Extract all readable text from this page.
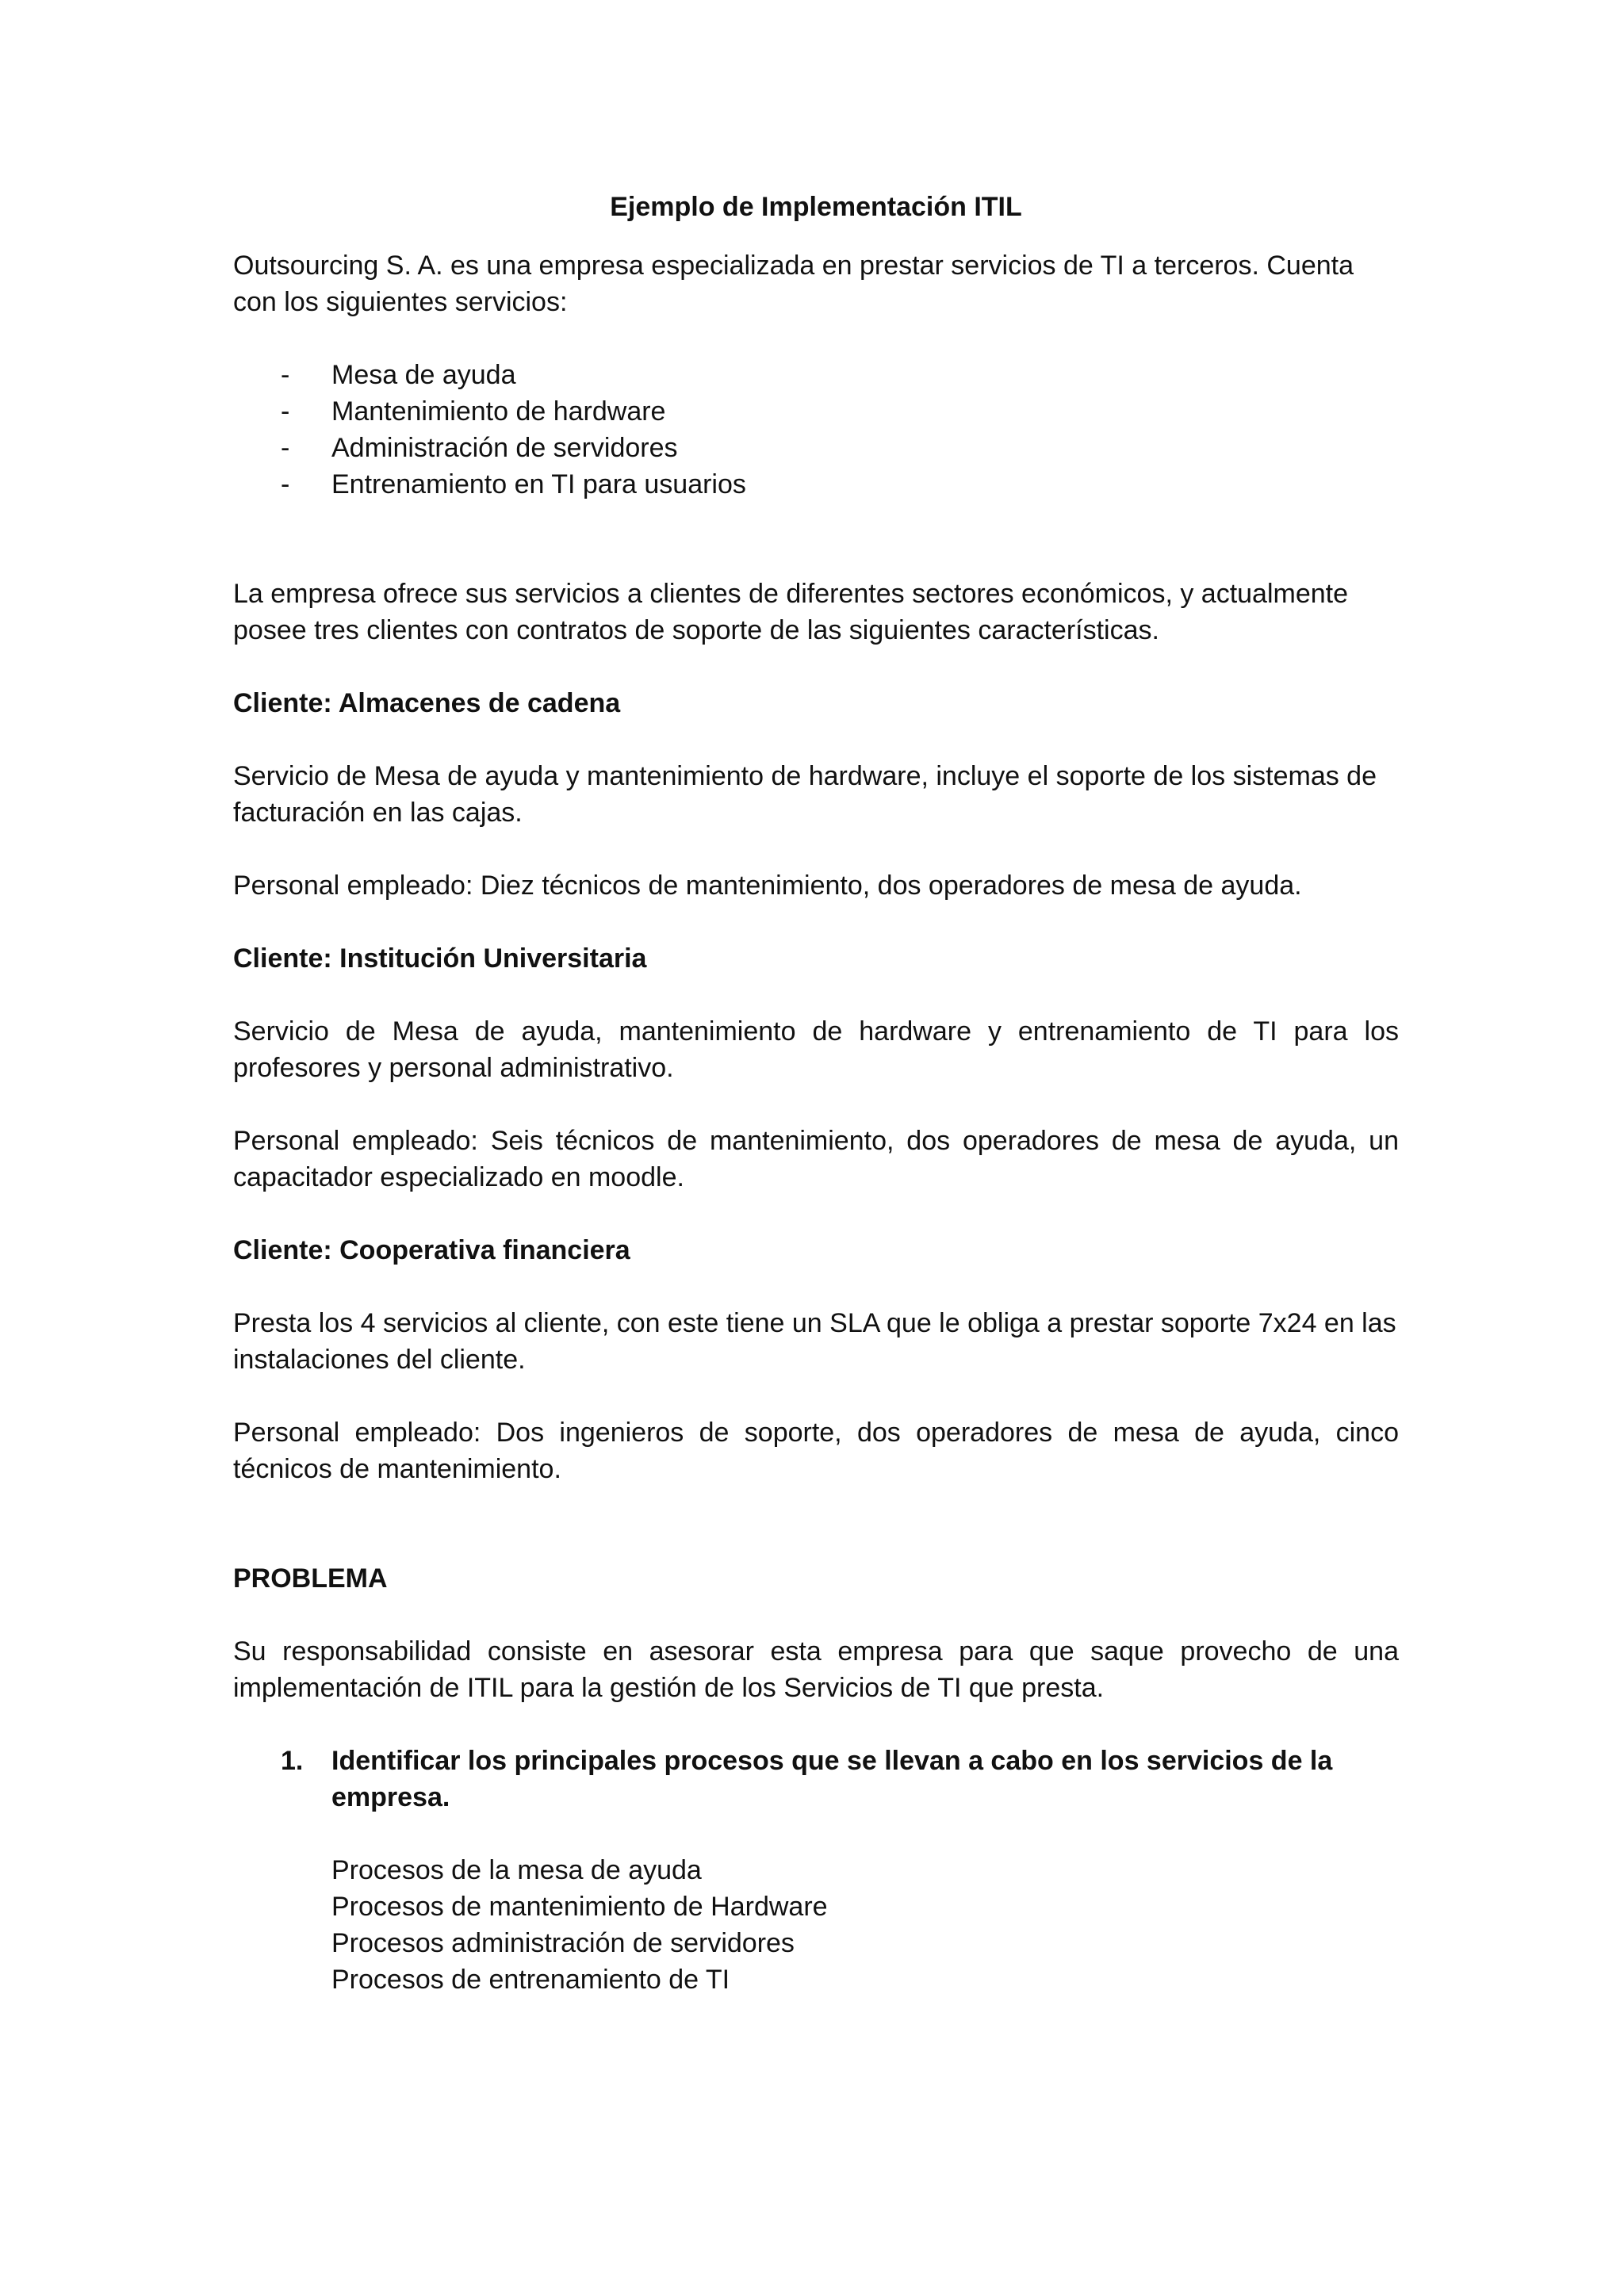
Ejemplo de Implementación ITIL

Outsourcing S. A. es una empresa especializada en prestar servicios de TI a terceros. Cuenta con los siguientes servicios:

- Mesa de ayuda
- Mantenimiento de hardware
- Administración de servidores
- Entrenamiento en TI para usuarios

La empresa ofrece sus servicios a clientes de diferentes sectores económicos, y actualmente posee tres clientes con contratos de soporte de las siguientes características.

Cliente: Almacenes de cadena

Servicio de Mesa de ayuda y mantenimiento de hardware, incluye el soporte de los sistemas de facturación en las cajas.

Personal empleado: Diez técnicos de mantenimiento, dos operadores de mesa de ayuda.

Cliente: Institución Universitaria

Servicio de Mesa de ayuda, mantenimiento de hardware y entrenamiento de TI para los profesores y personal administrativo.

Personal empleado: Seis técnicos de mantenimiento, dos operadores de mesa de ayuda, un capacitador especializado en moodle.

Cliente: Cooperativa financiera

Presta los 4 servicios al cliente, con este tiene un SLA que le obliga a prestar soporte 7x24 en las instalaciones del cliente.

Personal empleado: Dos ingenieros de soporte, dos operadores de mesa de ayuda, cinco técnicos de mantenimiento.

PROBLEMA

Su responsabilidad consiste en asesorar esta empresa para que saque provecho de una implementación de ITIL para la gestión de los Servicios de TI que presta.

1. Identificar los principales procesos que se llevan a cabo en los servicios de la empresa.

Procesos de la mesa de ayuda

Procesos de mantenimiento de Hardware

Procesos administración de servidores

Procesos de entrenamiento de TI
